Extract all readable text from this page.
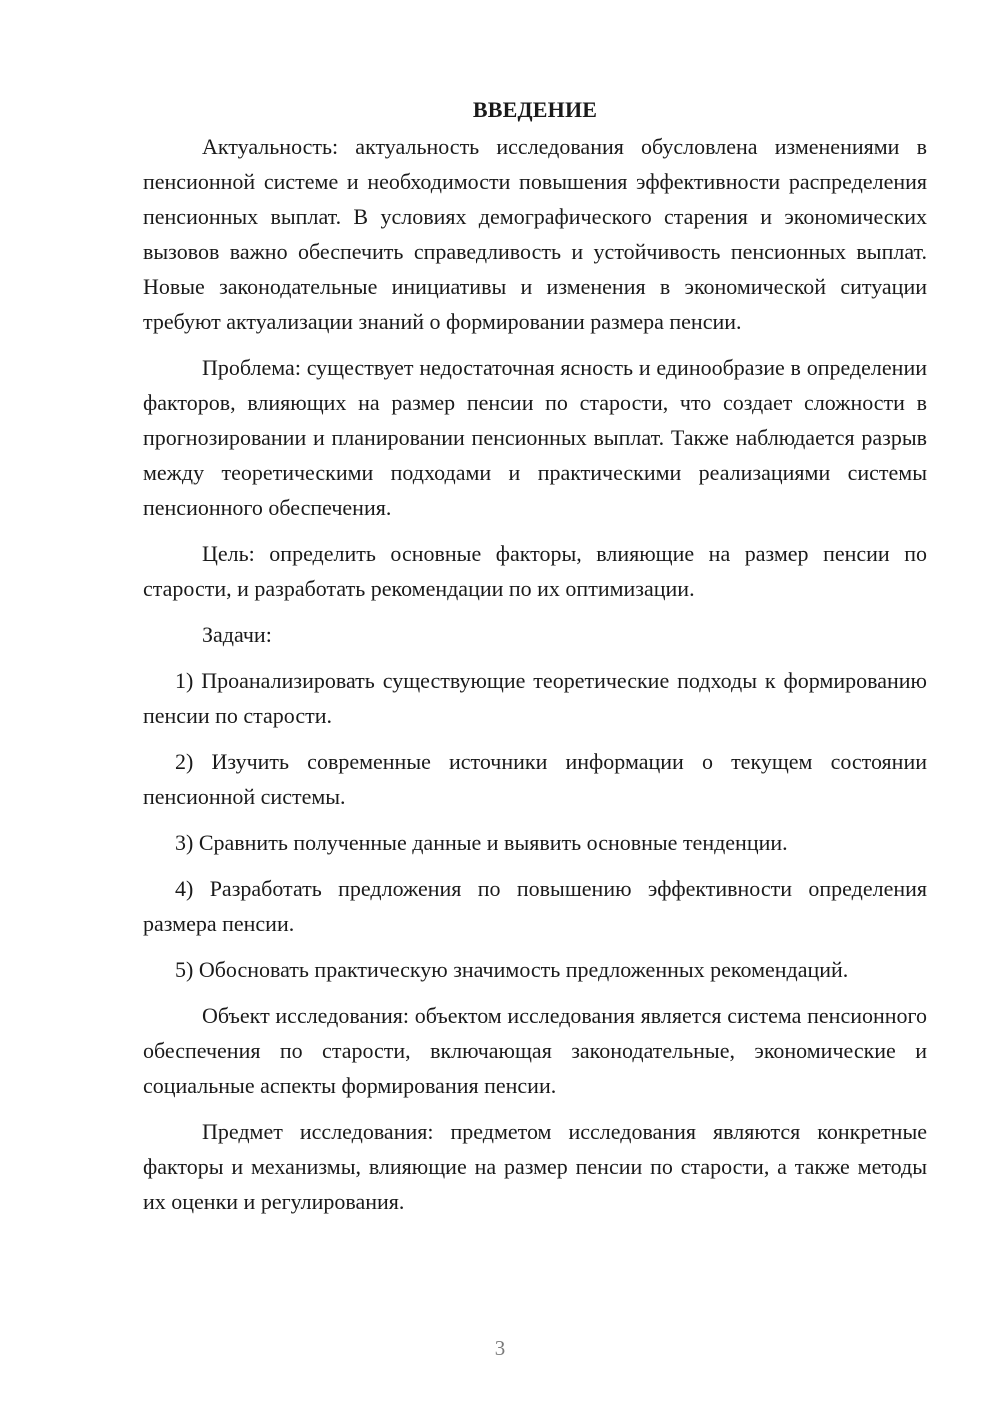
ВВЕДЕНИЕ

Актуальность: актуальность исследования обусловлена изменениями в пенсионной системе и необходимости повышения эффективности распределения пенсионных выплат. В условиях демографического старения и экономических вызовов важно обеспечить справедливость и устойчивость пенсионных выплат. Новые законодательные инициативы и изменения в экономической ситуации требуют актуализации знаний о формировании размера пенсии.

Проблема: существует недостаточная ясность и единообразие в определении факторов, влияющих на размер пенсии по старости, что создает сложности в прогнозировании и планировании пенсионных выплат. Также наблюдается разрыв между теоретическими подходами и практическими реализациями системы пенсионного обеспечения.

Цель: определить основные факторы, влияющие на размер пенсии по старости, и разработать рекомендации по их оптимизации.

Задачи:

1) Проанализировать существующие теоретические подходы к формированию пенсии по старости.

2) Изучить современные источники информации о текущем состоянии пенсионной системы.

3) Сравнить полученные данные и выявить основные тенденции.

4) Разработать предложения по повышению эффективности определения размера пенсии.

5) Обосновать практическую значимость предложенных рекомендаций.

Объект исследования: объектом исследования является система пенсионного обеспечения по старости, включающая законодательные, экономические и социальные аспекты формирования пенсии.

Предмет исследования: предметом исследования являются конкретные факторы и механизмы, влияющие на размер пенсии по старости, а также методы их оценки и регулирования.

3
